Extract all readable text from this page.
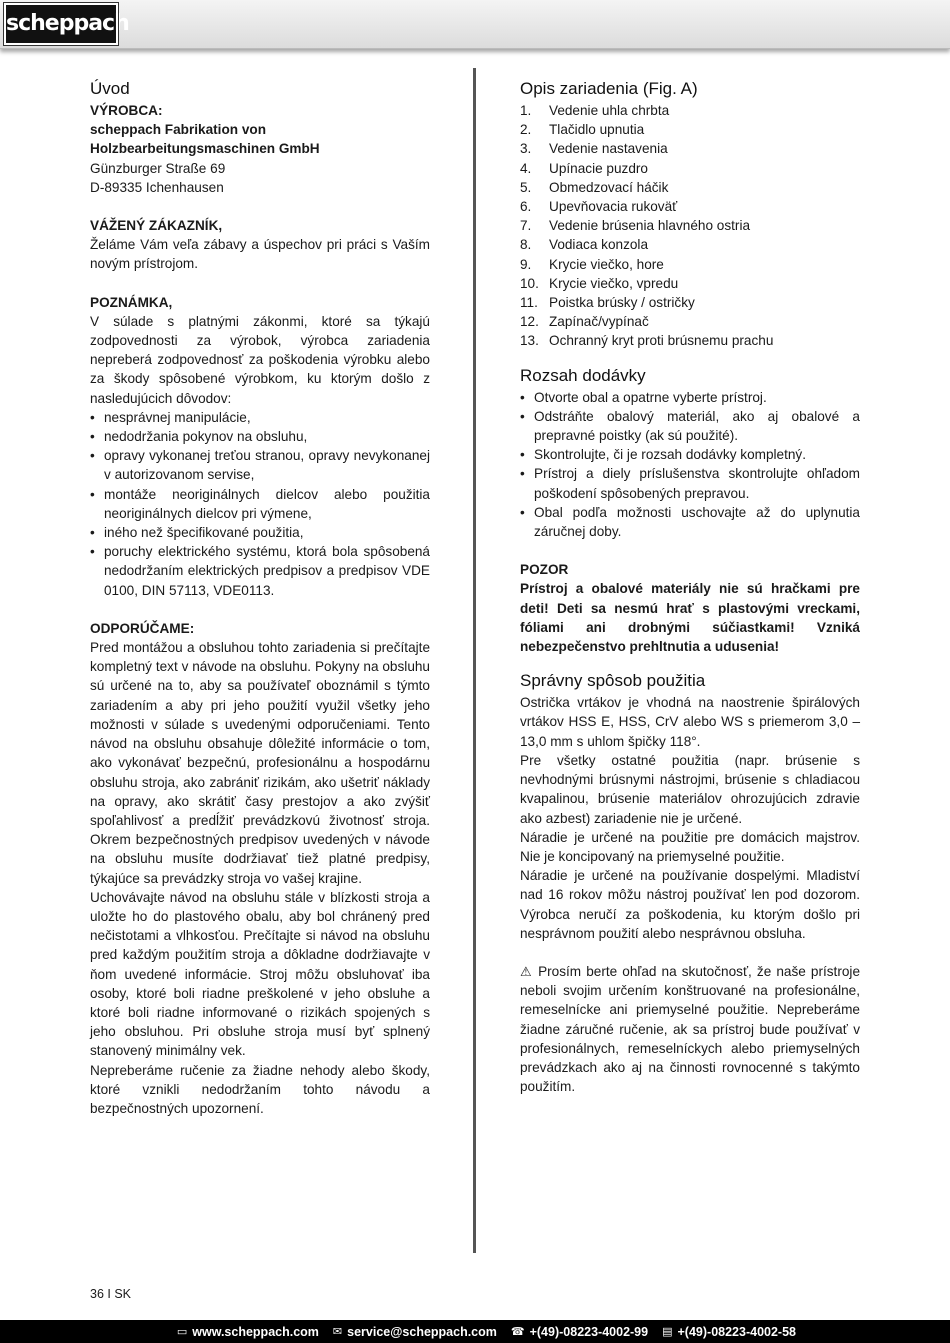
scheppach
Úvod
VÝROBCA:
scheppach Fabrikation von
Holzbearbeitungsmaschinen GmbH
Günzburger Straße 69
D-89335 Ichenhausen
VÁŽENÝ ZÁKAZNÍK,

Želáme Vám veľa zábavy a úspechov pri práci s Vaším novým prístrojom.

POZNÁMKA,

V súlade s platnými zákonmi, ktoré sa týkajú zodpovednosti za výrobok, výrobca zariadenia nepreberá zodpovednosť za poškodenia výrobku alebo za škody spôsobené výrobkom, ku ktorým došlo z nasledujúcich dôvodov:

• nesprávnej manipulácie,
• nedodržania pokynov na obsluhu,
• opravy vykonanej treťou stranou, opravy nevykonanej v autorizovanom servise,
• montáže neoriginálnych dielcov alebo použitia neoriginálnych dielcov pri výmene,
• iného než špecifikované použitia,
• poruchy elektrického systému, ktorá bola spôsobená nedodržaním elektrických predpisov a predpisov VDE 0100, DIN 57113, VDE0113.
ODPORÚČAME:

Pred montážou a obsluhou tohto zariadenia si prečítajte kompletný text v návode na obsluhu. Pokyny na obsluhu sú určené na to, aby sa používateľ oboznámil s týmto zariadením a aby pri jeho použití využil všetky jeho možnosti v súlade s uvedenými odporučeniami. Tento návod na obsluhu obsahuje dôležité informácie o tom, ako vykonávať bezpečnú, profesionálnu a hospodárnu obsluhu stroja, ako zabrániť rizikám, ako ušetriť náklady na opravy, ako skrátiť časy prestojov a ako zvýšiť spoľahlivosť a predĺžiť prevádzkovú životnosť stroja. Okrem bezpečnostných predpisov uvedených v návode na obsluhu musíte dodržiavať tiež platné predpisy, týkajúce sa prevádzky stroja vo vašej krajine.

Uchovávajte návod na obsluhu stále v blízkosti stroja a uložte ho do plastového obalu, aby bol chránený pred nečistotami a vlhkosťou. Prečítajte si návod na obsluhu pred každým použitím stroja a dôkladne dodržiavajte v ňom uvedené informácie. Stroj môžu obsluhovať iba osoby, ktoré boli riadne preškolené v jeho obsluhe a ktoré boli riadne informované o rizikách spojených s jeho obsluhou. Pri obsluhe stroja musí byť splnený stanovený minimálny vek.

Nepreberáme ručenie za žiadne nehody alebo škody, ktoré vznikli nedodržaním tohto návodu a bezpečnostných upozornení.

Opis zariadenia (Fig. A)
1.	Vedenie uhla chrbta
2.	Tlačidlo upnutia
3.	Vedenie nastavenia
4.	Upínacie puzdro
5.	Obmedzovací háčik
6.	Upevňovacia rukoväť
7.	Vedenie brúsenia hlavného ostria
8.	Vodiaca konzola
9.	Krycie viečko, hore
10. Krycie viečko, vpredu
11. Poistka brúsky / ostričky
12. Zapínač/vypínač
13. Ochranný kryt proti brúsnemu prachu
Rozsah dodávky
• Otvorte obal a opatrne vyberte prístroj.
• Odstráňte obalový materiál, ako aj obalové a prepravné poistky (ak sú použité).
• Skontrolujte, či je rozsah dodávky kompletný.
• Prístroj a diely príslušenstva skontrolujte ohľadom poškodení spôsobených prepravou.
• Obal podľa možnosti uschovajte až do uplynutia záručnej doby.
POZOR

Prístroj a obalové materiály nie sú hračkami pre deti! Deti sa nesmú hrať s plastovými vreckami, fóliami ani drobnými súčiastkami! Vzniká nebezpečenstvo prehltnutia a udusenia!

Správny spôsob použitia

Ostrička vrtákov je vhodná na naostrenie špirálových vrtákov HSS E, HSS, CrV alebo WS s priemerom 3,0 – 13,0 mm s uhlom špičky 118°.

Pre všetky ostatné použitia (napr. brúsenie s nevhodnými brúsnymi nástrojmi, brúsenie s chladiacou kvapalinou, brúsenie materiálov ohrozujúcich zdravie ako azbest) zariadenie nie je určené.

Náradie je určené na použitie pre domácich majstrov. Nie je koncipovaný na priemyselné použitie.

Náradie je určené na používanie dospelými. Mladiství nad 16 rokov môžu nástroj používať len pod dozorom. Výrobca neručí za poškodenia, ku ktorým došlo pri nesprávnom použití alebo nesprávnou obsluha.

⚠ Prosím berte ohľad na skutočnosť, že naše prístroje neboli svojim určením konštruované na profesionálne, remeselnícke ani priemyselné použitie. Nepreberáme žiadne záručné ručenie, ak sa prístroj bude používať v profesionálnych, remeselníckych alebo priemyselných prevádzkach ako aj na činnosti rovnocenné s takýmto použitím.

36 I SK
▭ www.scheppach.com ✉ service@scheppach.com ☎ +(49)-08223-4002-99 ▤ +(49)-08223-4002-58
